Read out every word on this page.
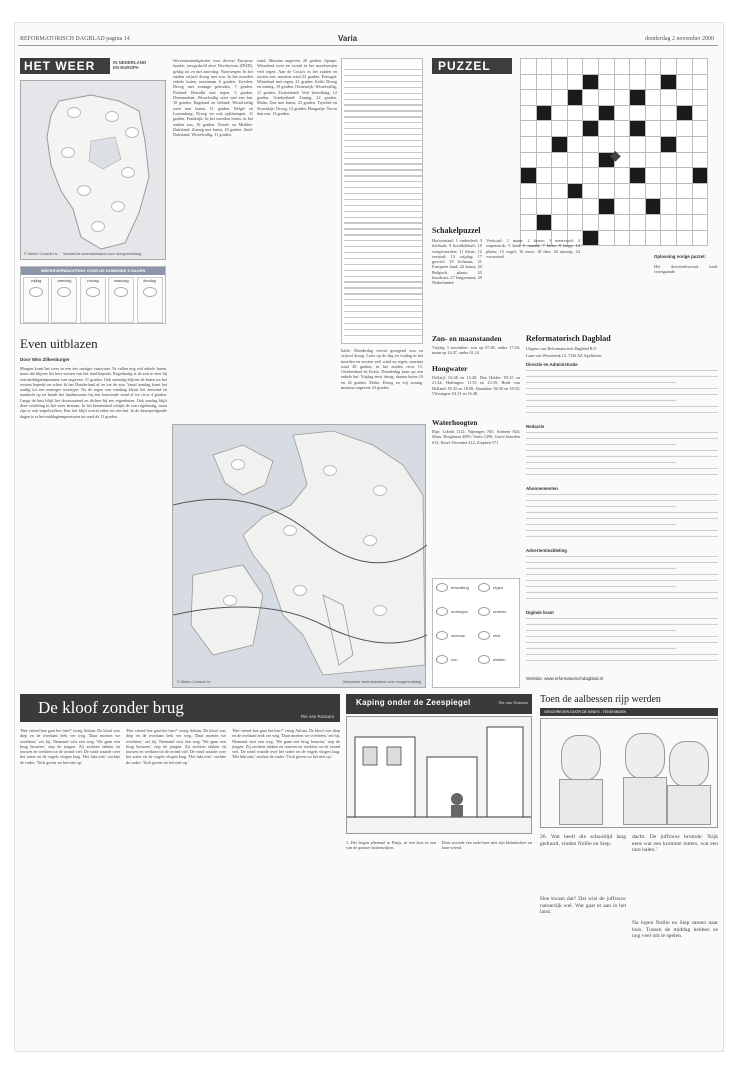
REFORMATORISCH DAGBLAD pagina 14	Varia	donderdag 2 november 2000
HET WEER	IN NEDERLAND EN EUROPA
© Meteo Consult bv Verwachte weerstoestand voor morgenmiddag
WEERSVERWACHTING VOOR DE KOMENDE 5 DAGEN
vrijdag	zaterdag	zondag	maandag	dinsdag
Even uitblazen
Door Wim Zilkenburger
Morgen komt het weer in een iets rustiger vaarwater. Er vallen nog wel enkele buien, maar die blijven het best westen van het land beperkt. Regelmatig is de zon te zien bij een middagtemperatuur van ongeveer 11 graden. Ook zaterdag blijven de buien tot het westen beperkt en schiet ik het Donderland af en toe de zon. Vanaf zondag komt het aardig tot een zonniger weertype. Na de regen van vandaag kleurt het zeewind en aandacht op en houdt het landinwaarts bij een koersende wind af tot circa 4 graden. Langs de kust blijft het doorwaaiend en dichter bij zee regenbuien. Ook zondag blijft deze verdeling in het weer bestaan. In het binnenland schijnt de zon regelmatig, maar zijn er ook stapelwolken. Een fort blijft overal zeker tot een bui. In de daaropvolgende dagen is er het middagtemperaturen tot rond de 11 graden.
Weersomstandigheden voor diverse Europese landen, meegedeeld door Weerbureau (DWD), geldig tot en met zaterdag: Noorwegen: In het zuiden vrijwel droog met zon. In het noorden enkele buien, maximum 6 graden. Zweden: Droog met zonnige perioden, 7 graden. Finland: Bewolkt met regen, 5 graden. Denemarken: Wisselvallig weer met een bui, 10 graden. Engeland en Ierland: Wisselvallig weer met buien, 11 graden. België en Luxemburg: Droog en ook opklaringen, 11 graden. Frankrijk: In het noorden buien, in het zuiden zon, 16 graden. Noord- en Midden-Duitsland: Zonnig met buien, 10 graden. Zuid-Duitsland: Wisselvallig, 11 graden.
wind. Maxima ongeveer 20 graden. Spanje: Wisselend weer en vooral in het noordwesten veel regen. Aan de Costa's in het zuiden en oosten zon, maxima rond 23 graden. Portugal: Wisselend met regen, 21 graden. Italië: Droog en zonnig, 19 graden. Oostenrijk: Wisselvallig, 11 graden. Zwitserland: Veel bewolking, 12 graden. Griekenland: Zonnig, 22 graden. Malta: Zon met buien, 23 graden. Tsjechië en Slowakije: Droog, 12 graden. Hongarije: Nu en dan zon, 13 graden.
Italië: Donderdag overal gezegend zon en vrijwel droog. Later op de dag en vrijdag in het noorden en westen veel wind en regen, maxima rond 20 graden, in het zuiden circa 15. Griekenland en Kreta: Donderdag kans op een enkele bui. Vrijdag eerst droog, daarna buien 19 en 24 graden. Malta: Droog en vrij zonnig, maxima ongeveer 23 graden.
PUZZEL

◆
Schakelpuzzel
Horizontaal: 1 onderdeel; 3 titelstuk; 9 hoofddeksel; 10 voegwoorden; 11 kleur; 12 zeestad; 13 vrijdag; 17 gevoel; 19 lichaam; 21 Europees land; 22 kuust; 23 Belgisch plaats; 25 houdvast; 27 lengtemaat; 29 Nederlandse
Verticaal: 1 naam; 2 keuze; 3 meervoud; 4 wapenstok; 5 land; 6 maand; 7 klein; 8 langs; 14 plaats; 15 vogel; 16 mest; 18 dier; 20 uitroep; 24 voorzetsel	Oplossing vorige puzzel:
Het doorsteekwoord luidt: voortgaande
Zon- en maanstanden
Vrijdag 3 november: zon op 07.48, onder 17.04; maan op 14.47, onder 01.34
Hoogwater
Delfzijl: 02.28 en 15.40; Den Helder: 09.25 en 21.44; Harlingen: 11.55 en 23.59; Hoek van Holland: 05.45 en 18.08; IJmuiden: 06.30 en 18.55; Vlissingen: 04.31 en 16.48
Waterhoogten
Rijn: Lobith 1112; Nijmegen 765; Arnhem 844; Maas: Borgharen 4095; Venlo 1390; Grave beneden 615; IJssel: Deventer 412; Zutphen 571
Reformatorisch Dagblad
Uitgave van Reformatorisch Dagblad B.V.
Laan van Westenenk 12, 7336 AZ Apeldoorn
Directie en Administratie
Redactie
Abonnementen
Advertentieafdeling
Digitale krant
Website: www.reformatorischdagblad.nl
bewolking	regen
motregen	onweer
sneeuw	mist
zon	wolken
© Meteo Consult bv	Verwachte weerstoestand voor morgenmiddag
De kloof zonder brug	Rie van Rossum
'Hee vriend hoe gaat het hier?' vroeg Adrian. De kloof was diep en de overkant leek ver weg. 'Daar moeten we overheen,' zei hij. Niemand wist een weg. 'We gaan een brug bouwen,' riep de jongen. Zij zochten takken en touwen en werkten tot de avond viel. De wind waaide over het water en de vogels vlogen laag. 'Het lukt niet,' zuchtte de vader. 'Toch geven we het niet op.'
'Hee vriend hoe gaat het hier?' vroeg Adrian. De kloof was diep en de overkant leek ver weg. 'Daar moeten we overheen,' zei hij. Niemand wist een weg. 'We gaan een brug bouwen,' riep de jongen. Zij zochten takken en touwen en werkten tot de avond viel. De wind waaide over het water en de vogels vlogen laag. 'Het lukt niet,' zuchtte de vader. 'Toch geven we het niet op.'
'Hee vriend hoe gaat het hier?' vroeg Adrian. De kloof was diep en de overkant leek ver weg. 'Daar moeten we overheen,' zei hij. Niemand wist een weg. 'We gaan een brug bouwen,' riep de jongen. Zij zochten takken en touwen en werkten tot de avond viel. De wind waaide over het water en de vogels vlogen laag. 'Het lukt niet,' zuchtte de vader. 'Toch geven we het niet op.'
Kaping onder de Zeespiegel	Rie van Rossum
1. Het begon allemaal in Parijs, in een huis in een van de grauwe buitenwijken.
Daar woonde een oude heer met zijn kleindochter en haar vriend.
Toen de aalbessen rijp werden
GESCHREVEN DOOR DE KIND'S - TEKENINGEN
26. Wat heeft die schooltijd lang geduurd, vinden Nollie en Siep.
Hoe kwam dat? Dat wist de juffrouw natuurlijk wel. Wat gaat er aan in het land.
dacht. De juffrouw bromde: 'Kijk eens wat een kromme lotters, wat een rare halen.'
Na lopen Nollie en Siep samen naar huis. Tussen de middag hebben ze nog veel om te spelen.
